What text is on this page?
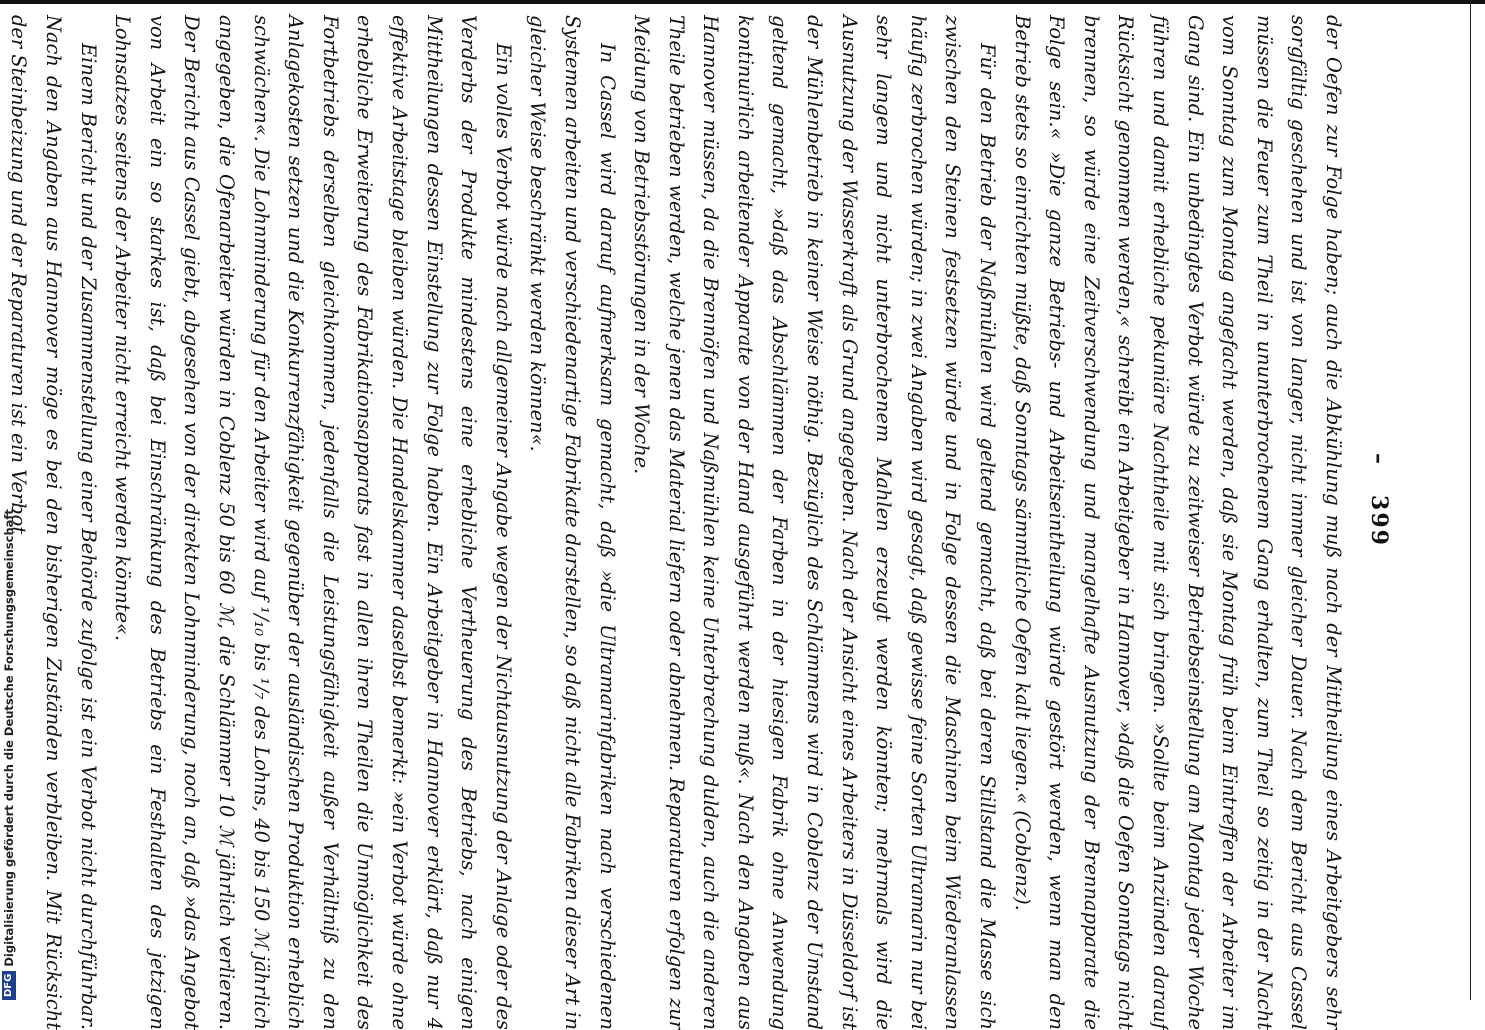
–   399

der Oefen zur Folge haben; auch die Abkühlung muß nach der Mittheilung eines Arbeitgebers sehr sorgfältig geschehen und ist von langer, nicht immer gleicher Dauer. Nach dem Bericht aus Cassel müssen die Feuer zum Theil in ununterbrochenem Gang erhalten, zum Theil so zeitig in der Nacht vom Sonntag zum Montag angefacht werden, daß sie Montag früh beim Eintreffen der Arbeiter im Gang sind. Ein unbedingtes Verbot würde zu zeitweiser Betriebseinstellung am Montag jeder Woche führen und damit erhebliche pekuniäre Nachtheile mit sich bringen. »Sollte beim Anzünden darauf Rücksicht genommen werden,« schreibt ein Arbeitgeber in Hannover, »daß die Oefen Sonntags nicht brennen, so würde eine Zeitverschwendung und mangelhafte Ausnutzung der Brennapparate die Folge sein.« »Die ganze Betriebs- und Arbeitseintheilung würde gestört werden, wenn man den Betrieb stets so einrichten müßte, daß Sonntags sämmtliche Oefen kalt liegen.« (Coblenz).

Für den Betrieb der Naßmühlen wird geltend gemacht, daß bei deren Stillstand die Masse sich zwischen den Steinen festsetzen würde und in Folge dessen die Maschinen beim Wiederanlassen häufig zerbrochen würden; in zwei Angaben wird gesagt, daß gewisse feine Sorten Ultramarin nur bei sehr langem und nicht unterbrochenem Mahlen erzeugt werden könnten; mehrmals wird die Ausnutzung der Wasserkraft als Grund angegeben. Nach der Ansicht eines Arbeiters in Düsseldorf ist der Mühlenbetrieb in keiner Weise nöthig. Bezüglich des Schlämmens wird in Coblenz der Umstand geltend gemacht, »daß das Abschlämmen der Farben in der hiesigen Fabrik ohne Anwendung kontinuirlich arbeitender Apparate von der Hand ausgeführt werden muß«. Nach den Angaben aus Hannover müssen, da die Brennöfen und Naßmühlen keine Unterbrechung dulden, auch die anderen Theile betrieben werden, welche jenen das Material liefern oder abnehmen. Reparaturen erfolgen zur Meidung von Betriebsstörungen in der Woche.

In Cassel wird darauf aufmerksam gemacht, daß »die Ultramarinfabriken nach verschiedenen Systemen arbeiten und verschiedenartige Fabrikate darstellen, so daß nicht alle Fabriken dieser Art in gleicher Weise beschränkt werden können«.

Ein volles Verbot würde nach allgemeiner Angabe wegen der Nichtausnutzung der Anlage oder des Verderbs der Produkte mindestens eine erhebliche Vertheuerung des Betriebs, nach einigen Mittheilungen dessen Einstellung zur Folge haben. Ein Arbeitgeber in Hannover erklärt, daß nur 4 effektive Arbeitstage bleiben würden. Die Handelskammer daselbst bemerkt: »ein Verbot würde ohne erhebliche Erweiterung des Fabrikationsapparats fast in allen ihren Theilen die Unmöglichkeit des Fortbetriebs derselben gleichkommen, jedenfalls die Leistungsfähigkeit außer Verhältniß zu den Anlagekosten setzen und die Konkurrenzfähigkeit gegenüber der ausländischen Produktion erheblich schwächen«. Die Lohnminderung für den Arbeiter wird auf ¹/₁₀ bis ¹/₇ des Lohns, 40 bis 150 ℳ jährlich angegeben, die Ofenarbeiter würden in Coblenz 50 bis 60 ℳ, die Schlämmer 10 ℳ jährlich verlieren. Der Bericht aus Cassel giebt, abgesehen von der direkten Lohnminderung, noch an, daß »das Angebot von Arbeit ein so starkes ist, daß bei Einschränkung des Betriebs ein Festhalten des jetzigen Lohnsatzes seitens der Arbeiter nicht erreicht werden könnte«.

Einem Bericht und der Zusammenstellung einer Behörde zufolge ist ein Verbot nicht durchführbar. Nach den Angaben aus Hannover möge es bei den bisherigen Zuständen verbleiben. Mit Rücksicht der Steinbeizung und der Reparaturen ist ein Verbot

DFG
Digitalisierung gefördert durch die Deutsche Forschungsgemeinschaft
